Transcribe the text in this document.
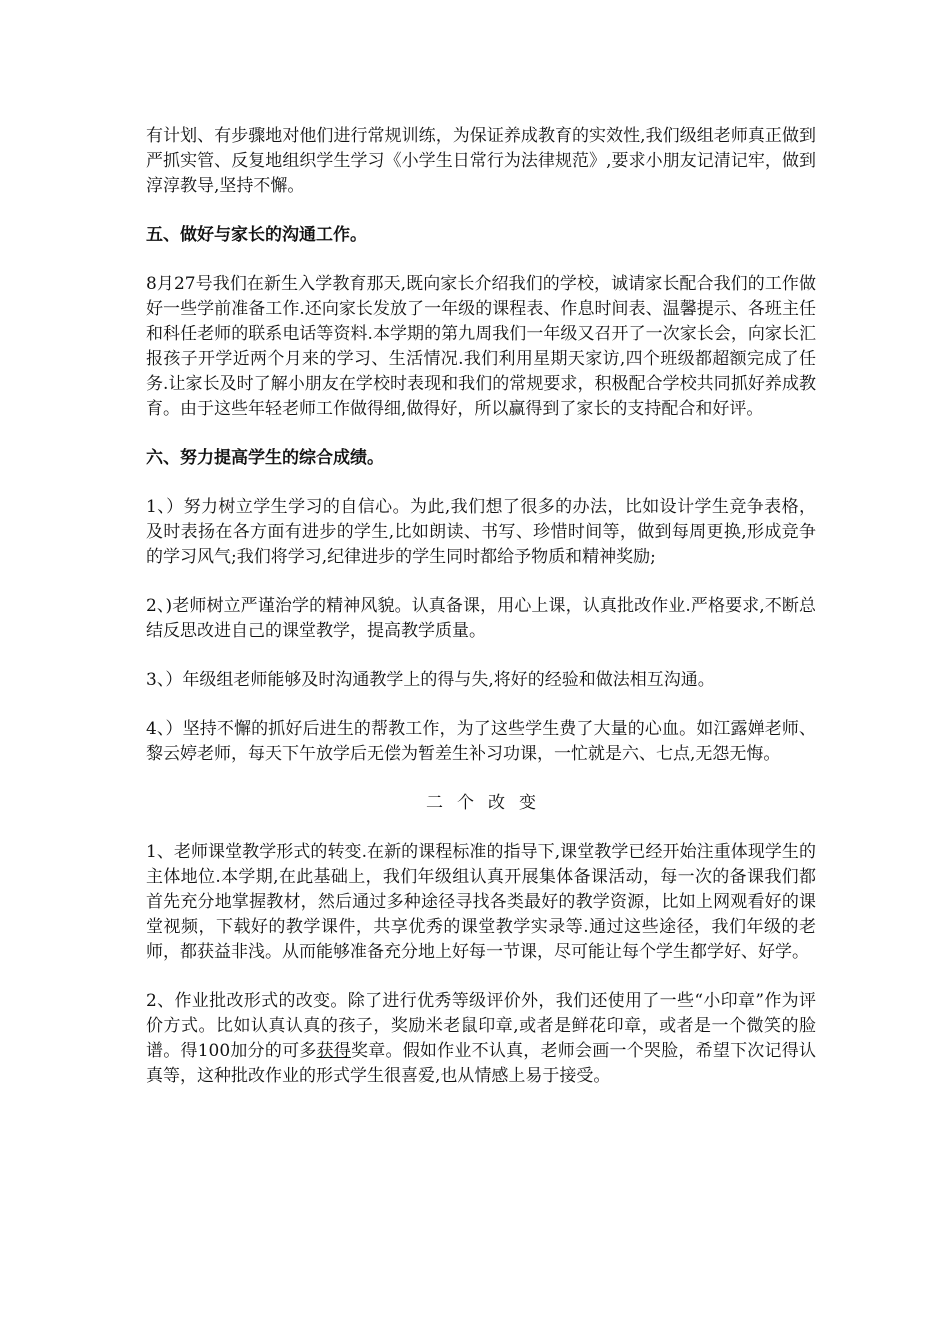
有计划、有步骤地对他们进行常规训练，为保证养成教育的实效性,我们级组老师真正做到严抓实管、反复地组织学生学习《小学生日常行为法律规范》,要求小朋友记清记牢，做到淳淳教导,坚持不懈。

五、做好与家长的沟通工作。

8月27号我们在新生入学教育那天,既向家长介绍我们的学校，诚请家长配合我们的工作做好一些学前准备工作.还向家长发放了一年级的课程表、作息时间表、温馨提示、各班主任和科任老师的联系电话等资料.本学期的第九周我们一年级又召开了一次家长会，向家长汇报孩子开学近两个月来的学习、生活情况.我们利用星期天家访,四个班级都超额完成了任务.让家长及时了解小朋友在学校时表现和我们的常规要求，积极配合学校共同抓好养成教育。由于这些年轻老师工作做得细,做得好，所以赢得到了家长的支持配合和好评。

六、努力提高学生的综合成绩。

1、）努力树立学生学习的自信心。为此,我们想了很多的办法，比如设计学生竞争表格，及时表扬在各方面有进步的学生,比如朗读、书写、珍惜时间等，做到每周更换,形成竞争的学习风气;我们将学习,纪律进步的学生同时都给予物质和精神奖励;

2、)老师树立严谨治学的精神风貌。认真备课，用心上课，认真批改作业.严格要求,不断总结反思改进自己的课堂教学，提高教学质量。

3、）年级组老师能够及时沟通教学上的得与失,将好的经验和做法相互沟通。

4、）坚持不懈的抓好后进生的帮教工作，为了这些学生费了大量的心血。如江露婵老师、黎云婷老师，每天下午放学后无偿为暂差生补习功课，一忙就是六、七点,无怨无悔。

二个改变

1、老师课堂教学形式的转变.在新的课程标准的指导下,课堂教学已经开始注重体现学生的主体地位.本学期,在此基础上，我们年级组认真开展集体备课活动，每一次的备课我们都首先充分地掌握教材，然后通过多种途径寻找各类最好的教学资源，比如上网观看好的课堂视频，下载好的教学课件，共享优秀的课堂教学实录等.通过这些途径，我们年级的老师，都获益非浅。从而能够准备充分地上好每一节课，尽可能让每个学生都学好、好学。

2、作业批改形式的改变。除了进行优秀等级评价外，我们还使用了一些“小印章”作为评价方式。比如认真认真的孩子，奖励米老鼠印章,或者是鲜花印章，或者是一个微笑的脸谱。得100加分的可多获得奖章。假如作业不认真，老师会画一个哭脸，希望下次记得认真等，这种批改作业的形式学生很喜爱,也从情感上易于接受。
